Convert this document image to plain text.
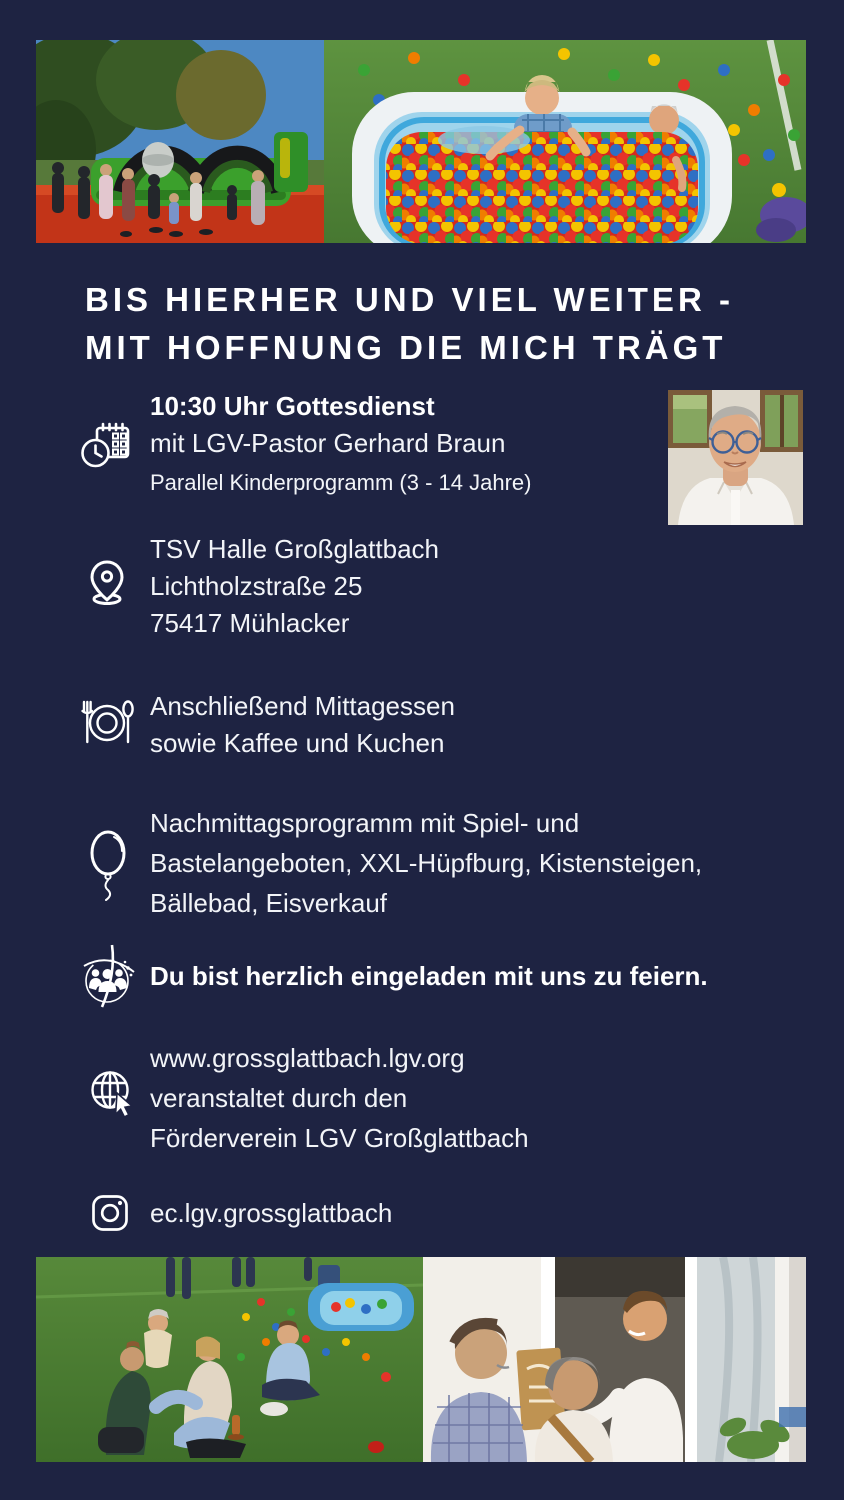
BIS HIERHER UND VIEL WEITER -
MIT HOFFNUNG DIE MICH TRÄGT
10:30 Uhr Gottesdienst
mit LGV-Pastor Gerhard Braun
Parallel Kinderprogramm (3 - 14 Jahre)
TSV Halle Großglattbach
Lichtholzstraße 25
75417 Mühlacker
Anschließend Mittagessen
sowie Kaffee und Kuchen
Nachmittagsprogramm mit Spiel- und
Bastelangeboten, XXL-Hüpfburg, Kistensteigen,
Bällebad, Eisverkauf
Du bist herzlich eingeladen mit uns zu feiern.
www.grossglattbach.lgv.org
veranstaltet durch den
Förderverein LGV Großglattbach
ec.lgv.grossglattbach
